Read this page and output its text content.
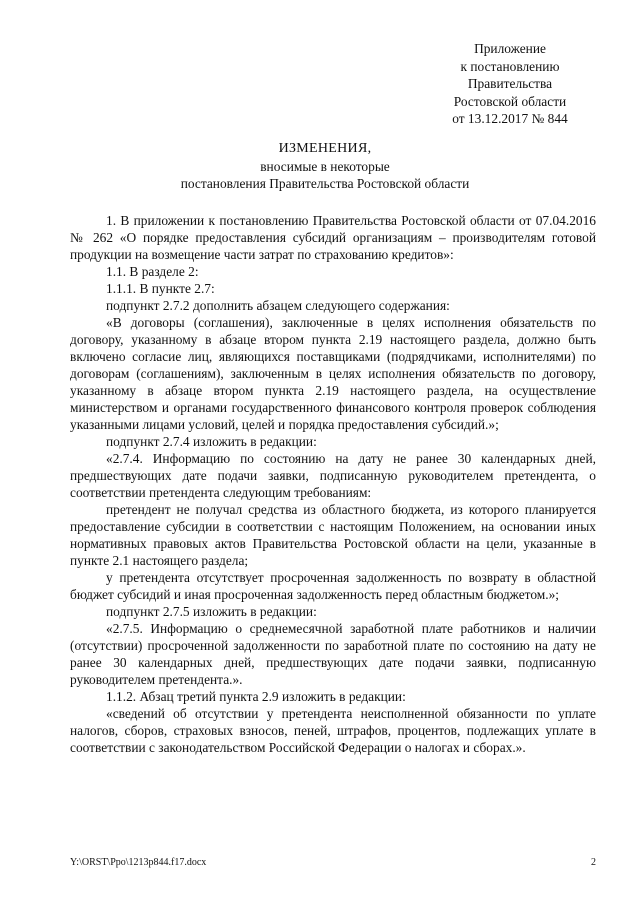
Приложение
к постановлению
Правительства
Ростовской области
от 13.12.2017 № 844
ИЗМЕНЕНИЯ,
вносимые в некоторые
постановления Правительства Ростовской области

1. В приложении к постановлению Правительства Ростовской области от 07.04.2016 № 262 «О порядке предоставления субсидий организациям – производителям готовой продукции на возмещение части затрат по страхованию кредитов»:

1.1. В разделе 2:

1.1.1. В пункте 2.7:

подпункт 2.7.2 дополнить абзацем следующего содержания:

«В договоры (соглашения), заключенные в целях исполнения обязательств по договору, указанному в абзаце втором пункта 2.19 настоящего раздела, должно быть включено согласие лиц, являющихся поставщиками (подрядчиками, исполнителями) по договорам (соглашениям), заключенным в целях исполнения обязательств по договору, указанному в абзаце втором пункта 2.19 настоящего раздела, на осуществление министерством и органами государственного финансового контроля проверок соблюдения указанными лицами условий, целей и порядка предоставления субсидий.»;

подпункт 2.7.4 изложить в редакции:

«2.7.4. Информацию по состоянию на дату не ранее 30 календарных дней, предшествующих дате подачи заявки, подписанную руководителем претендента, о соответствии претендента следующим требованиям:

претендент не получал средства из областного бюджета, из которого планируется предоставление субсидии в соответствии с настоящим Положением, на основании иных нормативных правовых актов Правительства Ростовской области на цели, указанные в пункте 2.1 настоящего раздела;

у претендента отсутствует просроченная задолженность по возврату в областной бюджет субсидий и иная просроченная задолженность перед областным бюджетом.»;

подпункт 2.7.5 изложить в редакции:

«2.7.5. Информацию о среднемесячной заработной плате работников и наличии (отсутствии) просроченной задолженности по заработной плате по состоянию на дату не ранее 30 календарных дней, предшествующих дате подачи заявки, подписанную руководителем претендента.».

1.1.2. Абзац третий пункта 2.9 изложить в редакции:

«сведений об отсутствии у претендента неисполненной обязанности по уплате налогов, сборов, страховых взносов, пеней, штрафов, процентов, подлежащих уплате в соответствии с законодательством Российской Федерации о налогах и сборах.».

Y:\ORST\Ppo\1213p844.f17.docx	2
